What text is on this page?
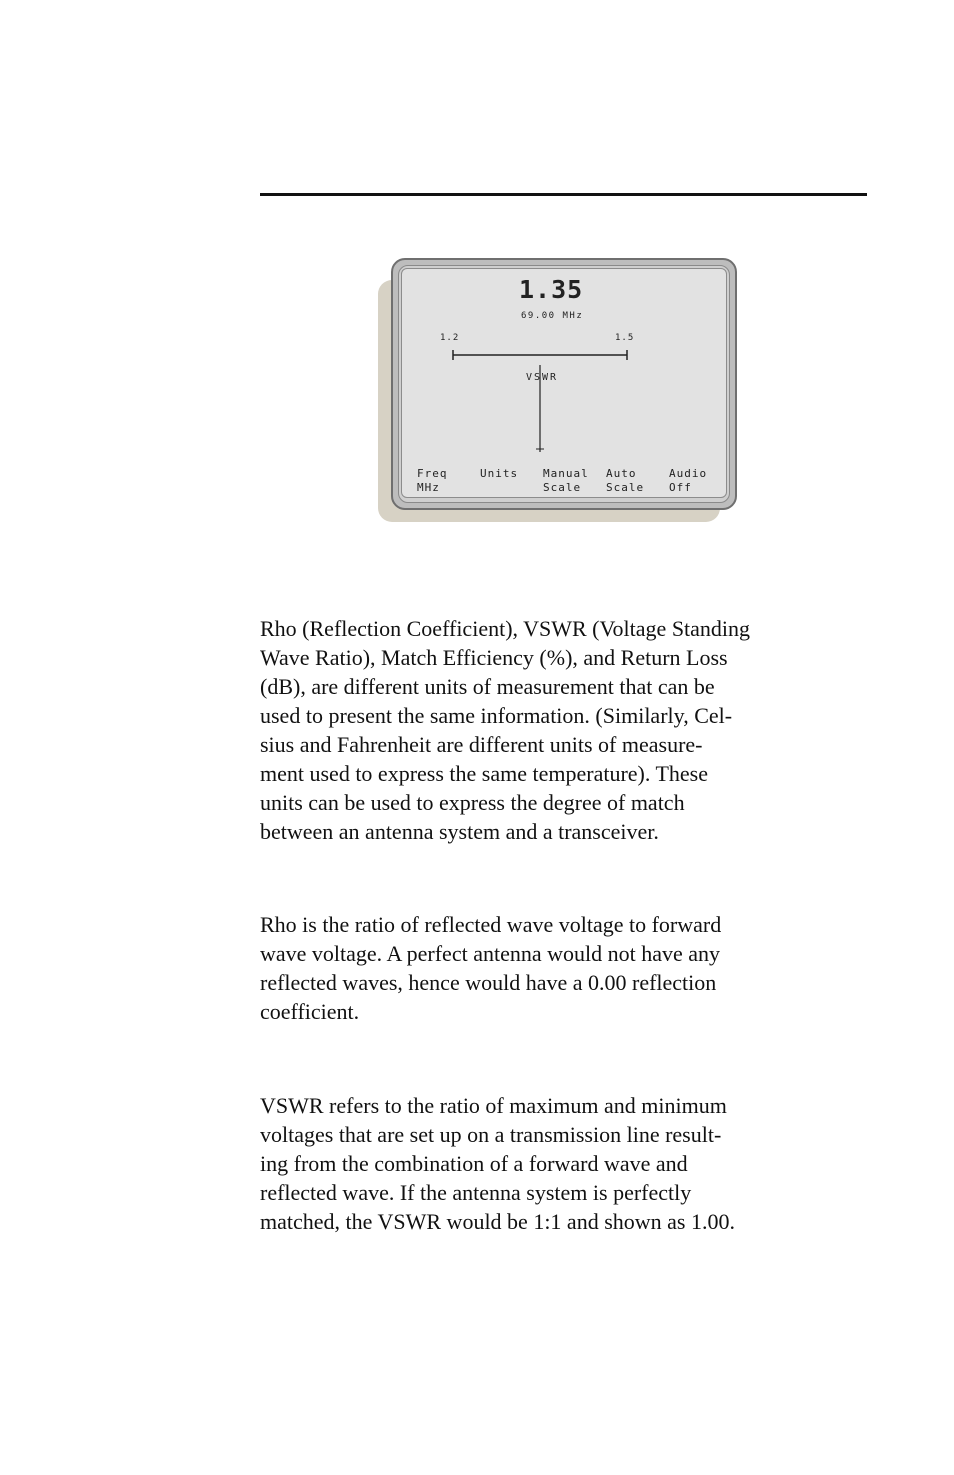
1.35
69.00 MHz
1.2	1.5
VSWR
Freq
MHz
Units Manual
Scale
Auto
Scale
Audio
Off
Rho (Reflection Coefficient), VSWR (Voltage Standing
Wave Ratio), Match Efficiency (%), and Return Loss
(dB), are different units of measurement that can be
used to present the same information. (Similarly, Cel-
sius and Fahrenheit are different units of measure-
ment used to express the same temperature). These
units can be used to express the degree of match
between an antenna system and a transceiver.
Rho is the ratio of reflected wave voltage to forward
wave voltage. A perfect antenna would not have any
reflected waves, hence would have a 0.00 reflection
coefficient.
VSWR refers to the ratio of maximum and minimum
voltages that are set up on a transmission line result-
ing from the combination of a forward wave and
reflected wave. If the antenna system is perfectly
matched, the VSWR would be 1:1 and shown as 1.00.
